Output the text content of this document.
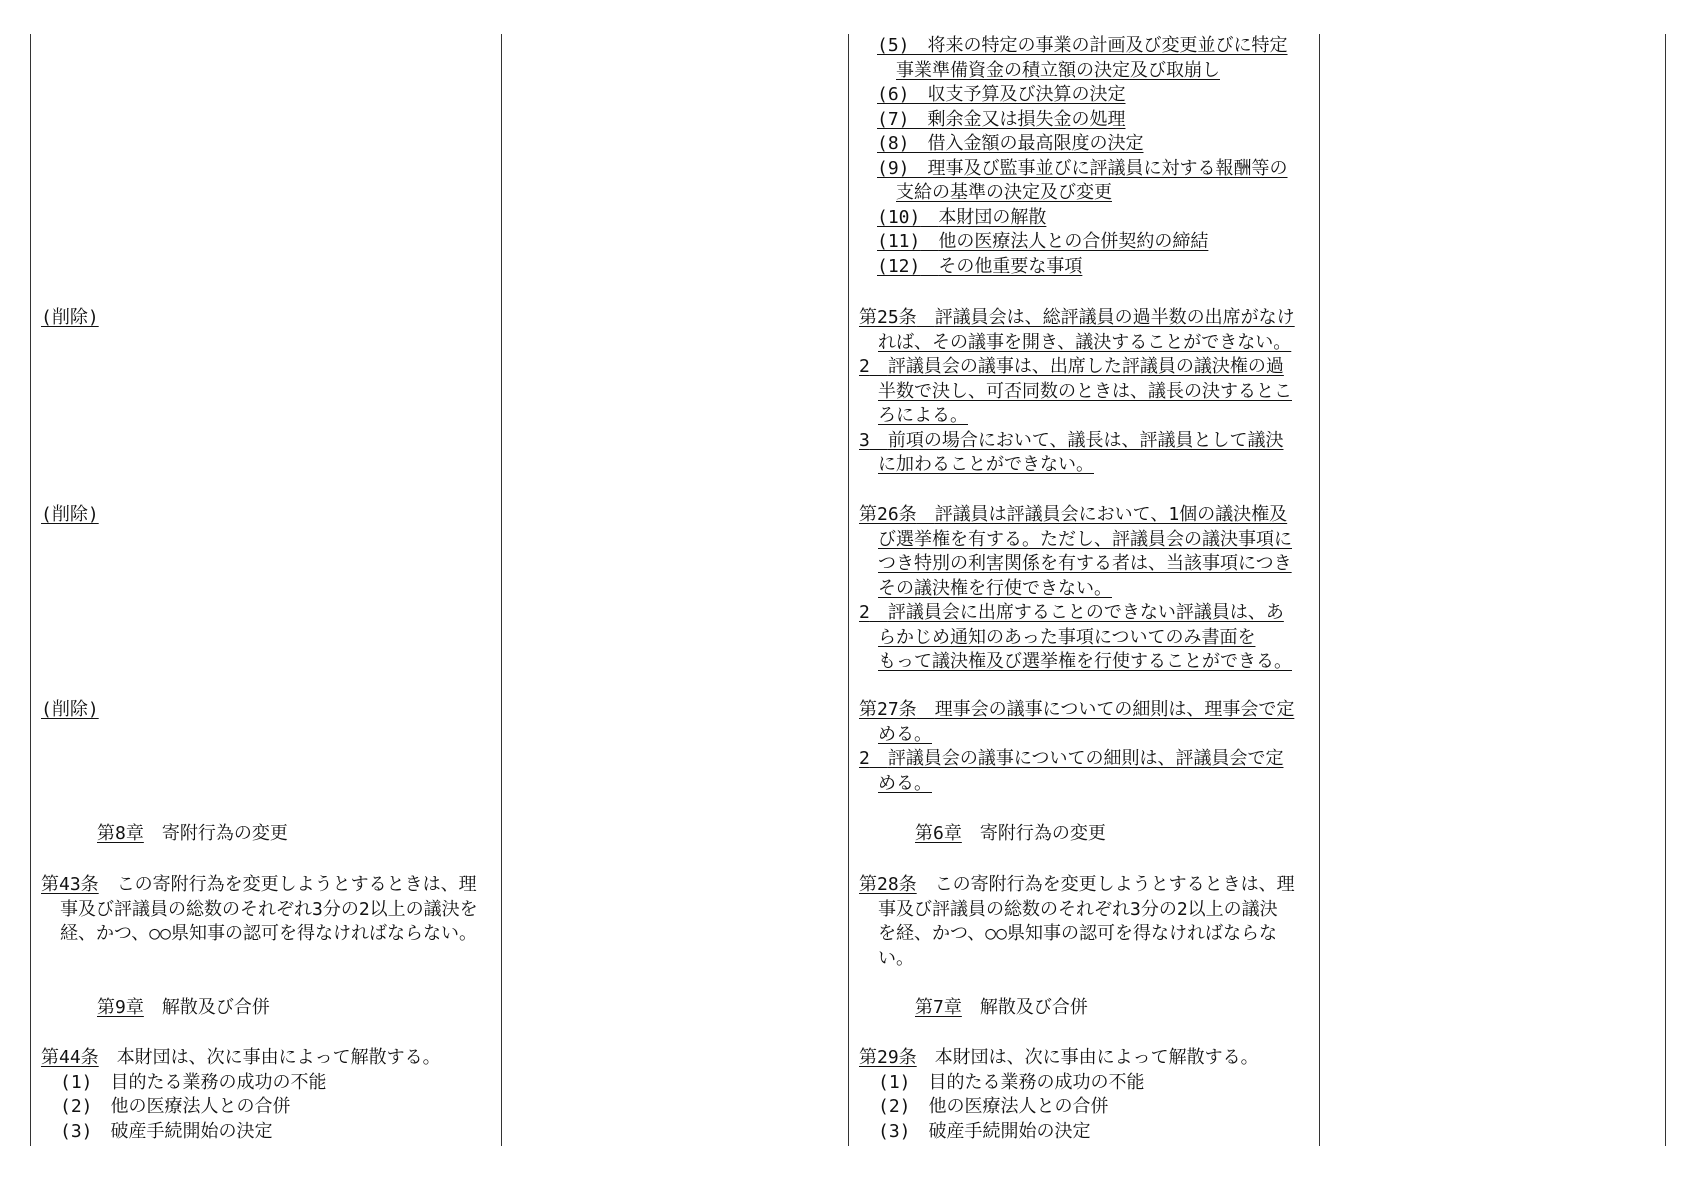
(5)　 将来の特定の事業の計画及び変更並びに特定

事業準備資金の積立額の決定及び取崩し

(6)　 収支予算及び決算の決定

(7)　 剰余金又は損失金の処理

(8)　 借入金額の最高限度の決定

(9)　 理事及び監事並びに評議員に対する報酬等の

支給の基準の決定及び変更

(10)　 本財団の解散

(11)　 他の医療法人との合併契約の締結

(12)　 その他重要な事項

(削除)
(削除)
(削除)
第8章　 寄附行為の変更

第43条　 この寄附行為を変更しようとするときは、理

事及び評議員の総数のそれぞれ3分の2以上の議決を

経、かつ、○○県知事の認可を得なければならない。

第9章　 解散及び合併

第44条　 本財団は、次に事由によって解散する。

(1)　 目的たる業務の成功の不能

(2)　 他の医療法人との合併

(3)　 破産手続開始の決定

第25条　 評議員会は、総評議員の過半数の出席がなけ

れば、その議事を開き、議決することができない。

2　 評議員会の議事は、出席した評議員の議決権の過

半数で決し、可否同数のときは、議長の決するとこ

ろによる。

3　 前項の場合において、議長は、評議員として議決

に加わることができない。

第26条　 評議員は評議員会において、1個の議決権及

び選挙権を有する。ただし、評議員会の議決事項に

つき特別の利害関係を有する者は、当該事項につき

その議決権を行使できない。

2　 評議員会に出席することのできない評議員は、あ

らかじめ通知のあった事項についてのみ書面を

もって議決権及び選挙権を行使することができる。

第27条　 理事会の議事についての細則は、理事会で定

める。

2　 評議員会の議事についての細則は、評議員会で定

める。

第6章　 寄附行為の変更

第28条　 この寄附行為を変更しようとするときは、理

事及び評議員の総数のそれぞれ3分の2以上の議決

を経、かつ、○○県知事の認可を得なければならな

い。

第7章　 解散及び合併

第29条　 本財団は、次に事由によって解散する。

(1)　 目的たる業務の成功の不能

(2)　 他の医療法人との合併

(3)　 破産手続開始の決定
